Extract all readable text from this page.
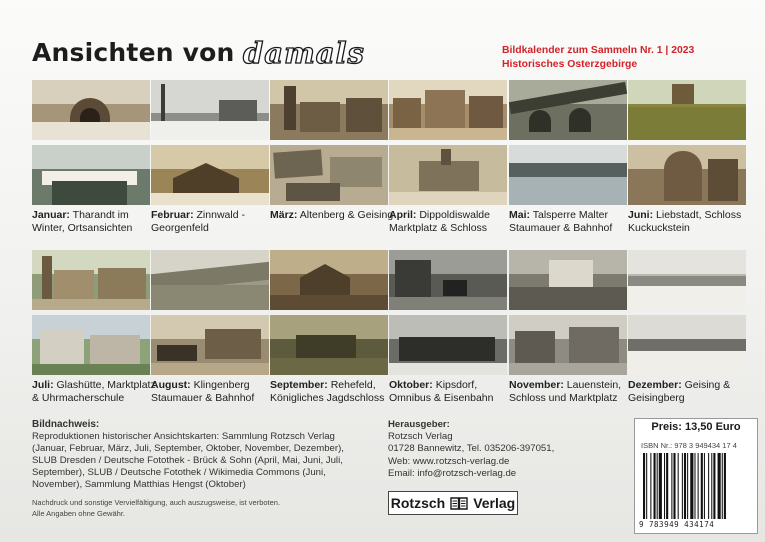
Ansichten von damals	Bildkalender zum Sammeln Nr. 1 | 2023
Historisches Osterzgebirge
Januar: Tharandt im Winter, Ortsansichten
Februar: Zinnwald - Georgenfeld
März: Altenberg & Geising
April: Dippoldiswalde Marktplatz & Schloss
Mai: Talsperre Malter Staumauer & Bahnhof
Juni: Liebstadt, Schloss Kuckuckstein
Juli: Glashütte, Marktplatz & Uhrmacherschule
August: Klingenberg Staumauer & Bahnhof
September: Rehefeld, Königliches Jagdschloss
Oktober: Kipsdorf, Omnibus & Eisenbahn
November: Lauenstein, Schloss und Marktplatz
Dezember: Geising & Geisingberg
Bildnachweis:
Reproduktionen historischer Ansichtskarten: Sammlung Rotzsch Verlag (Januar, Februar, März, Juli, September, Oktober, November, Dezember), SLUB Dresden / Deutsche Fotothek - Brück & Sohn (April, Mai, Juni, Juli, September), SLUB / Deutsche Fotothek / Wikimedia Commons (Juni, November), Sammlung Matthias Hengst (Oktober)
Nachdruck und sonstige Vervielfältigung, auch auszugsweise, ist verboten.
Alle Angaben ohne Gewähr.
Herausgeber:
Rotzsch Verlag
01728 Bannewitz, Tel. 035206-397051,
Web: www.rotzsch-verlag.de
Email: info@rotzsch-verlag.de
Rotzsch Verlag
Preis: 13,50 Euro
ISBN Nr.: 978 3 949434 17 4
9 783949 434174
